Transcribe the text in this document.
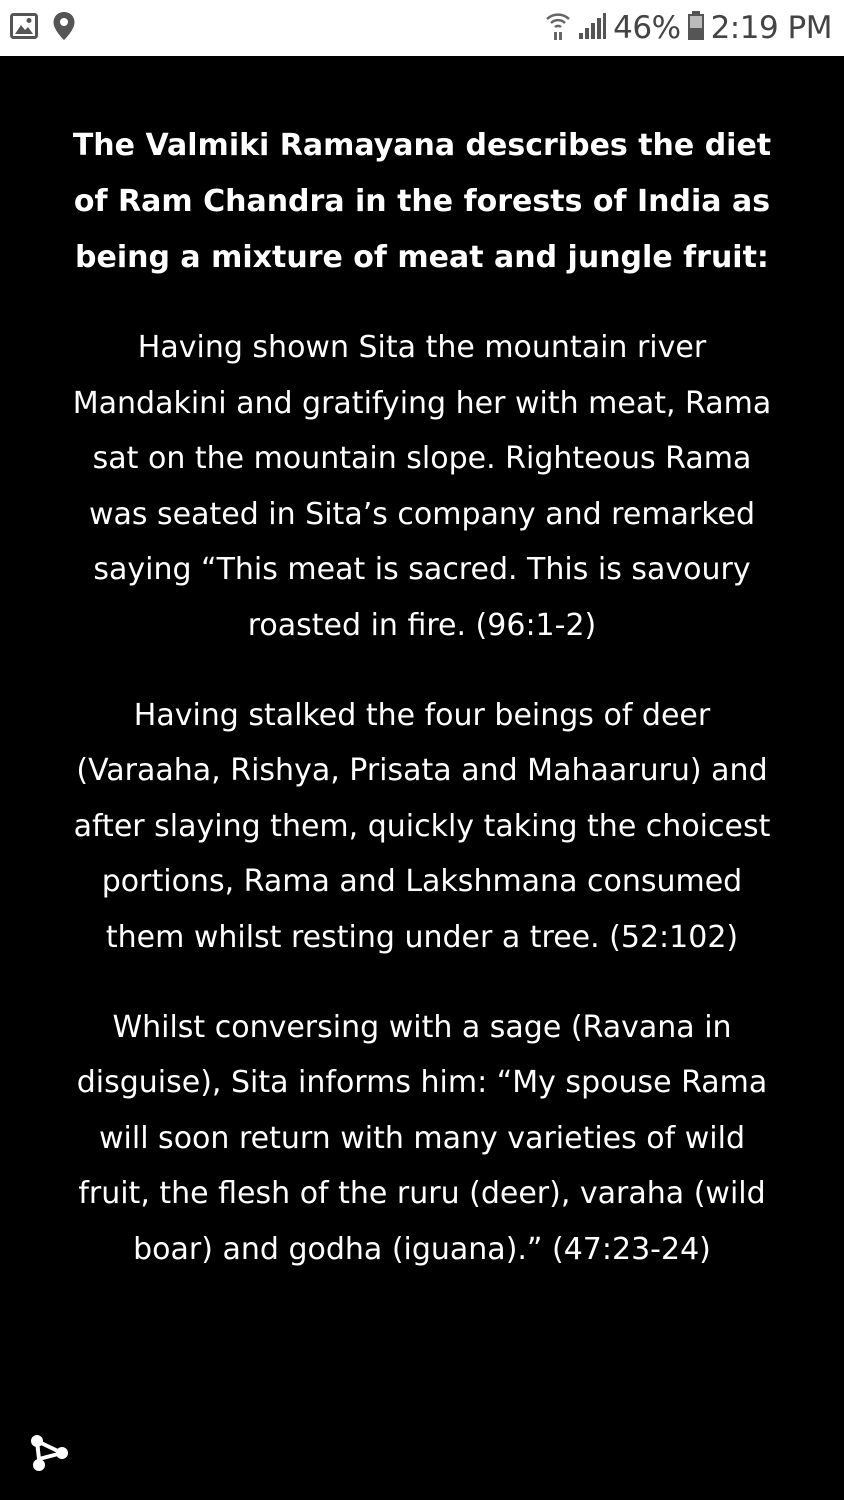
46% 2:19 PM

The Valmiki Ramayana describes the diet of Ram Chandra in the forests of India as being a mixture of meat and jungle fruit:

Having shown Sita the mountain river Mandakini and gratifying her with meat, Rama sat on the mountain slope. Righteous Rama was seated in Sita’s company and remarked saying “This meat is sacred. This is savoury roasted in fire. (96:1-2)

Having stalked the four beings of deer (Varaaha, Rishya, Prisata and Mahaaruru) and after slaying them, quickly taking the choicest portions, Rama and Lakshmana consumed them whilst resting under a tree. (52:102)

Whilst conversing with a sage (Ravana in disguise), Sita informs him: “My spouse Rama will soon return with many varieties of wild fruit, the flesh of the ruru (deer), varaha (wild boar) and godha (iguana).” (47:23-24)
